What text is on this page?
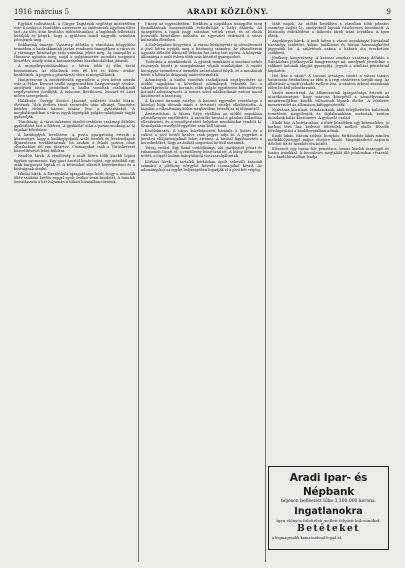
1916 március 5	ARADI KÖZLÖNY.	9

Egyházi tudósítások. A Görger Tagtársak segítségi intézetében este 6 órakor a Honfóldes szervezete az önkéntesek ügyében ülést tart. Az ülés után hivatalos tudósításainkat, a tagoknak felhívását közöljük és kérjük, hogy a gyűlésen minél nagyobb számban jelenjenek meg.

Rokkantak ünnepe. Vasárnap délután a városháza közgyűlési termében a hadirokkantak javára rendezett ünnepélyen a város és a vármegye közönsége szép számban jelent meg. Az ünnepélyt a Himnusz nyitotta meg, majd a polgármester mondott megnyitó beszédet, amely után a katonazenekar hazafias dalokat játszott.

A mozgóképszínházakban a héten több új film kerül bemutatásra. Az előadások este fél hét és kilenc órakor kezdődnek. A jegyek a pénztárnál előre is megválthatók.

Hangverseny. A zenekedvelők egyesülete a jövő héten szerda este a Fehér Kereszt szálló nagytermében hangversenyt rendez, amelynek tiszta jövedelmét a hadba vonultak családjainak segélyezésére fordítják. A műsoron Beethoven, Mozart és Liszt művei szerepelnek.

Halálozás. Özvegy Kovács Jánosné, született Szabó Mária, életének 74-ik évében rövid szenvedés után elhunyt. Temetése kedden délután három órakor lesz a gyászházból. A megboldogultban a város egyik legrégibb polgárcsaládjának tagját gyászolják.

Tüzoltóság. A város önkéntes tüzoltó testülete vasárnap délelőtt gyakorlatot tart a főtéren. A gyakorlat után a parancsnokság az új tagokat felesküszi.

A hadifoglyok levelezése. A posta igazgatóság értesíti a közönséget, hogy a hadifoglyoknak szóló levelek és levelezőlapok díjmentesen továbbíttatnak, ha azokon a feladó pontos címe olvashatóan fel van tüntetve. Csomagokat csak a Vöröskereszt közvetítésével lehet küldeni.

Rendőri hírek. A rendőrség a mult héten több kisebb lopási ügyben nyomozott. Egy piaci árustól kosár tojást, egy másiktól egy zsák burgonyát loptak el. A tetteseket sikerült kézrekeríteni és a bíróságnak átadni.

Iskolai hírek. A főreáliskola igazgatósága közli, hogy a második félév tanítása hétfőn reggel nyolc órakor veszi kezdetét. A tanulók beiratkozása a hét folyamán a titkári hivatalban történik.

Ünnep az egyesületben. Ezekben a napokban ünnepelte meg fennállásának huszonötödik évfordulóját a helyi dalárda. Az ünnepélyen a tagok nagy számban vettek részt, és az elnök hosszabb beszédben méltatta az egyesület érdemeit a város kulturális életében.

A Kultúrpalota könyvtára. A városi közkönyvtár új olvasótermét a jövő héten nyitják meg a közönség számára. Az olvasóterem naponta délelőtt kilenctől délután hat óráig tart nyitva. A könyvtár állománya a mult évben több száz kötettel gyarapodott.

Tudósítás a munkásokról. A gyárak munkásai a mostani nehéz viszonyok között is szorgalmasan végzik munkájukat. A vasúti kocsigyár üzemében a termelés zavartalanul folyik, és a munkások bérét a háborús drágaság miatt felemelték.

Adományok. A hadba vonultak családjainak segélyezésére az utóbbi napokban a következő adományok érkeztek be: a takarékpénztár száz koronát, több polgár együttesen kétszázötven koronát adományozott. A nemes szívű adakozóknak ezúton mond köszönetet a bizottság.

A Kaszinó farsangi estélye. A kaszinó egyesület vezetősége a közelgő böjti időszak miatt a tervezett estélyt elhalasztotta. A tagokat a választmány külön meghívóban értesíti az új időpontról.

Árvízvédelem. A Maros folyó vízállása az utóbbi napokban jelentékenyen emelkedett. A mérnöki hivatal a gátakat állandóan ellenőrizteti, és a veszélyeztetett helyekre munkásokat rendelt ki. Komolyabb veszélytől egyelőre nem kell tartani.

Közélelmezés. A város közélelmezési hivatala a lisztet és a cukrot a jövő héttől kezdve csak jegyre adja ki. A jegyeket a kerületi elöljáróságoknál lehet átvenni. A hivatal figyelmezteti a kereskedőket, hogy az árakat szigorúan be kell tartaniuk.

Tolvaj cseléd. Egy fiatal cselédleányt, aki gazdájától pénzt és ruhaneműt lopott el, a rendőrség letartóztatott. A leány beismerte tettét, a lopott holmit hiánytalanul visszaszolgáltatták.

Kórházi hírek. A tartalék kórházban ápolt sebesült katonák számára a jótékony nőegylet húsvéti csomagokat készít. Az adományokat az egylet helyiségében fogadják el a jövő hét végéig.

Mult napok. Az utóbbi hetekben a városban több jelentős esemény zajlott le, amelyekről lapunk részletesen beszámolt. A közönség érdeklődése a háborús hírek iránt továbbra is igen élénk.

Anyakönyvi hírek. A mult héten a városi anyakönyvi hivatalnál tizennégy születést, kilenc halálozást és három házasságkötést jegyeztek be. A születések száma a háború óta érezhetően csökkent.

Jótékony hangverseny. A katonai zenekar vasárnap délután a Színházban jótékonycélú hangversenyt ad, amelynek jövedelme a rokkant katonák alapját gyarapítja. Jegyek a színházi pénztárnál kaphatók.

Hol lesz a vásár? A tavaszi országos vásárt a városi tanács határozata értelmében az idén is a régi vásártéren tartják meg. Az állatvásár a vasúti rakodó mellett lesz. A vásárra érkező árusoknak előre be kell jelentkezniük.

Vasúti menetrend. Az államvasutak igazgatósága értesíti az utazóközönséget, hogy március közepétől a személyvonatok menetrendjében kisebb változások lépnek életbe. A részletes menetrendet az állomáson kifüggesztették.

Nyilvános köszönet. Mindazoknak, akik felejthetetlen halottunk temetésén megjelentek és fájdalmunkban osztoztak, ezúton mondunk hálás köszönetet. A gyászoló család.

Eladó ház. A belvárosban, a főtér közelében egy kétemeletes, jó karban lévő ház kedvező feltételek mellett eladó. Bővebb felvilágosítást a kiadóhivatalban adnak.

Kiadó lakás. Három szobás, konyhás, fürdőszobás lakás minden mellékhelyiséggel május elsejére kiadó. Megtekinthető naponta délelőtt tíz és tizenkét óra között.

Elveszett egy barna bőr pénztárca, benne kisebb összeggel és fontos iratokkal. A becsületes megtaláló illő jutalomban részesül, ha a kiadóhivatalban leadja.

Aradi Ipar- és Népbank
teljesen befizetett tőke 3,300.000 korona.
Ingatlanokra
igen előnyös feltételek mellett folyósít kölcsönöket.
Betéteket
a legmagasabb kamatozással fogad el.
